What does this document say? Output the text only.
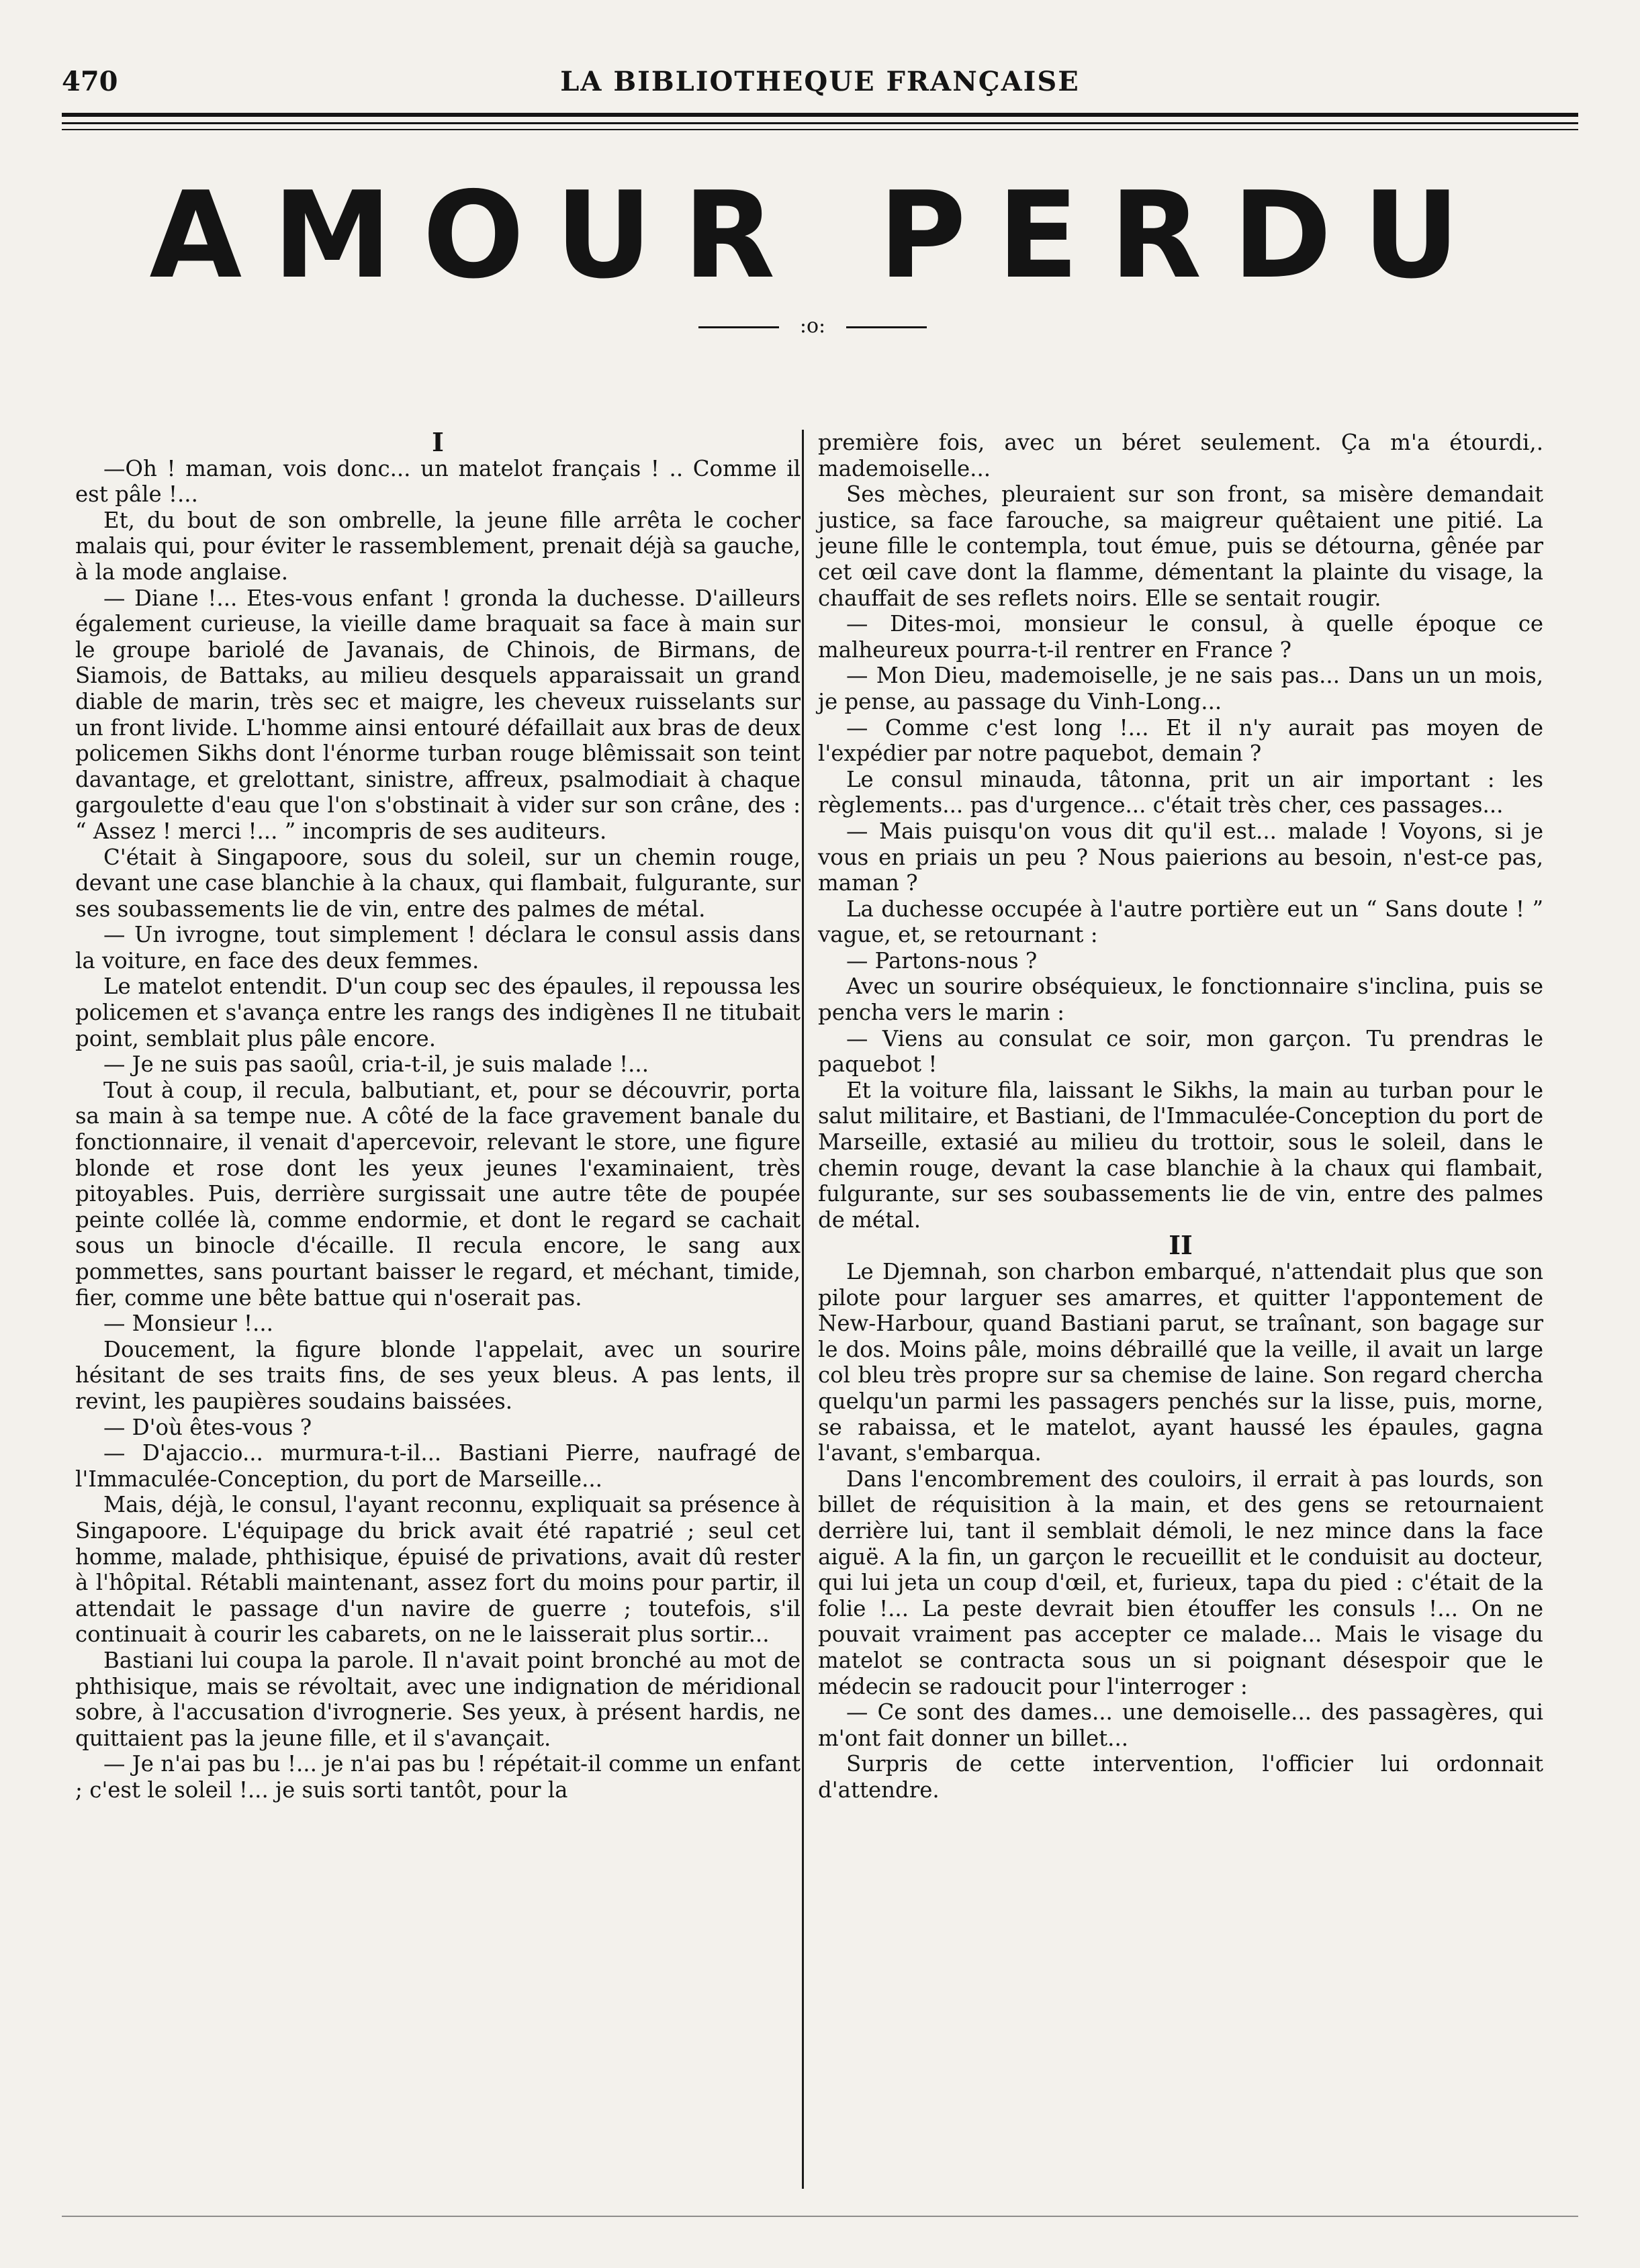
470	LA BIBLIOTHEQUE FRANÇAISE
AMOUR PERDU
:o:

I

—Oh ! maman, vois donc... un matelot français ! .. Comme il est pâle !...

Et, du bout de son ombrelle, la jeune fille arrêta le cocher malais qui, pour éviter le rassemblement, prenait déjà sa gauche, à la mode anglaise.

— Diane !... Etes-vous enfant ! gronda la duchesse. D'ailleurs également curieuse, la vieille dame braquait sa face à main sur le groupe bariolé de Javanais, de Chinois, de Birmans, de Siamois, de Battaks, au milieu desquels apparaissait un grand diable de marin, très sec et maigre, les cheveux ruisselants sur un front livide. L'homme ainsi entouré défaillait aux bras de deux policemen Sikhs dont l'énorme turban rouge blêmissait son teint davantage, et grelottant, sinistre, affreux, psalmodiait à chaque gargoulette d'eau que l'on s'obstinait à vider sur son crâne, des : “ Assez ! merci !... ” incompris de ses auditeurs.

C'était à Singapoore, sous du soleil, sur un chemin rouge, devant une case blanchie à la chaux, qui flambait, fulgurante, sur ses soubassements lie de vin, entre des palmes de métal.

— Un ivrogne, tout simplement ! déclara le consul assis dans la voiture, en face des deux femmes.

Le matelot entendit. D'un coup sec des épaules, il repoussa les policemen et s'avança entre les rangs des indigènes Il ne titubait point, semblait plus pâle encore.

— Je ne suis pas saoûl, cria-t-il, je suis malade !...

Tout à coup, il recula, balbutiant, et, pour se découvrir, porta sa main à sa tempe nue. A côté de la face gravement banale du fonctionnaire, il venait d'apercevoir, relevant le store, une figure blonde et rose dont les yeux jeunes l'examinaient, très pitoyables. Puis, derrière surgissait une autre tête de poupée peinte collée là, comme endormie, et dont le regard se cachait sous un binocle d'écaille. Il recula encore, le sang aux pommettes, sans pourtant baisser le regard, et méchant, timide, fier, comme une bête battue qui n'oserait pas.

— Monsieur !...

Doucement, la figure blonde l'appelait, avec un sourire hésitant de ses traits fins, de ses yeux bleus. A pas lents, il revint, les paupières soudains baissées.

— D'où êtes-vous ?

— D'ajaccio... murmura-t-il... Bastiani Pierre, naufragé de l'Immaculée-Conception, du port de Marseille...

Mais, déjà, le consul, l'ayant reconnu, expliquait sa présence à Singapoore. L'équipage du brick avait été rapatrié ; seul cet homme, malade, phthisique, épuisé de privations, avait dû rester à l'hôpital. Rétabli maintenant, assez fort du moins pour partir, il attendait le passage d'un navire de guerre ; toutefois, s'il continuait à courir les cabarets, on ne le laisserait plus sortir...

Bastiani lui coupa la parole. Il n'avait point bronché au mot de phthisique, mais se révoltait, avec une indignation de méridional sobre, à l'accusation d'ivrognerie. Ses yeux, à présent hardis, ne quittaient pas la jeune fille, et il s'avançait.

— Je n'ai pas bu !... je n'ai pas bu ! répétait-il comme un enfant ; c'est le soleil !... je suis sorti tantôt, pour la

première fois, avec un béret seulement. Ça m'a étourdi,. mademoiselle...

Ses mèches, pleuraient sur son front, sa misère demandait justice, sa face farouche, sa maigreur quêtaient une pitié. La jeune fille le contempla, tout émue, puis se détourna, gênée par cet œil cave dont la flamme, démentant la plainte du visage, la chauffait de ses reflets noirs. Elle se sentait rougir.

— Dites-moi, monsieur le consul, à quelle époque ce malheureux pourra-t-il rentrer en France ?

— Mon Dieu, mademoiselle, je ne sais pas... Dans un un mois, je pense, au passage du Vinh-Long...

— Comme c'est long !... Et il n'y aurait pas moyen de l'expédier par notre paquebot, demain ?

Le consul minauda, tâtonna, prit un air important : les règlements... pas d'urgence... c'était très cher, ces passages...

— Mais puisqu'on vous dit qu'il est... malade ! Voyons, si je vous en priais un peu ? Nous paierions au besoin, n'est-ce pas, maman ?

La duchesse occupée à l'autre portière eut un “ Sans doute ! ” vague, et, se retournant :

— Partons-nous ?

Avec un sourire obséquieux, le fonctionnaire s'inclina, puis se pencha vers le marin :

— Viens au consulat ce soir, mon garçon. Tu prendras le paquebot !

Et la voiture fila, laissant le Sikhs, la main au turban pour le salut militaire, et Bastiani, de l'Immaculée-Conception du port de Marseille, extasié au milieu du trottoir, sous le soleil, dans le chemin rouge, devant la case blanchie à la chaux qui flambait, fulgurante, sur ses soubassements lie de vin, entre des palmes de métal.

II

Le Djemnah, son charbon embarqué, n'attendait plus que son pilote pour larguer ses amarres, et quitter l'appontement de New-Harbour, quand Bastiani parut, se traînant, son bagage sur le dos. Moins pâle, moins débraillé que la veille, il avait un large col bleu très propre sur sa chemise de laine. Son regard chercha quelqu'un parmi les passagers penchés sur la lisse, puis, morne, se rabaissa, et le matelot, ayant haussé les épaules, gagna l'avant, s'embarqua.

Dans l'encombrement des couloirs, il errait à pas lourds, son billet de réquisition à la main, et des gens se retournaient derrière lui, tant il semblait démoli, le nez mince dans la face aiguë. A la fin, un garçon le recueillit et le conduisit au docteur, qui lui jeta un coup d'œil, et, furieux, tapa du pied : c'était de la folie !... La peste devrait bien étouffer les consuls !... On ne pouvait vraiment pas accepter ce malade... Mais le visage du matelot se contracta sous un si poignant désespoir que le médecin se radoucit pour l'interroger :

— Ce sont des dames... une demoiselle... des passagères, qui m'ont fait donner un billet...

Surpris de cette intervention, l'officier lui ordonnait d'attendre.
